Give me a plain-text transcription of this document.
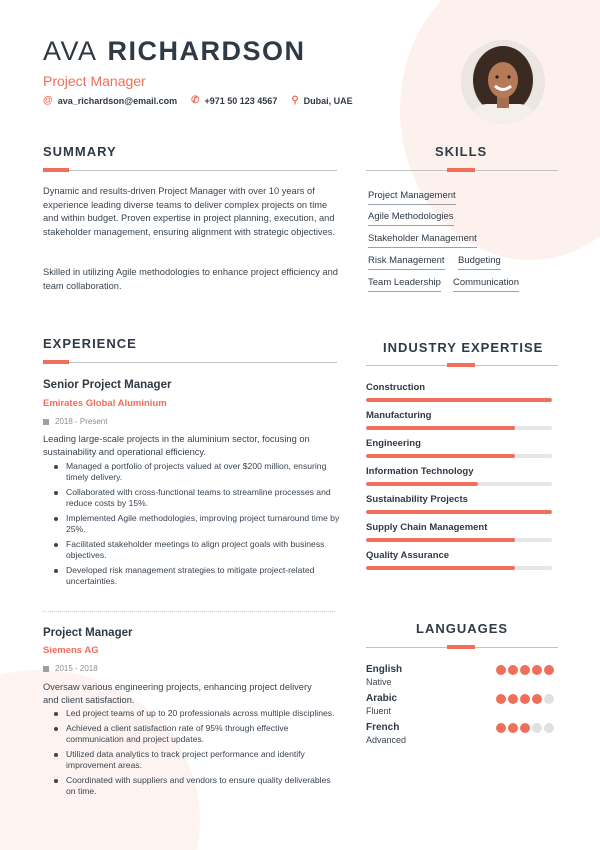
AVA RICHARDSON
Project Manager
@ ava_richardson@email.com ✆ +971 50 123 4567 ⚲ Dubai, UAE
SUMMARY
Dynamic and results-driven Project Manager with over 10 years of experience leading diverse teams to deliver complex projects on time and within budget. Proven expertise in project planning, execution, and stakeholder management, ensuring alignment with strategic objectives.
Skilled in utilizing Agile methodologies to enhance project efficiency and team collaboration.
SKILLS
Project Management
Agile Methodologies
Stakeholder Management
Risk Management Budgeting
Team Leadership Communication
EXPERIENCE
Senior Project Manager
Emirates Global Aluminium
2018 - Present
Leading large-scale projects in the aluminium sector, focusing on sustainability and operational efficiency.
Managed a portfolio of projects valued at over $200 million, ensuring timely delivery.
Collaborated with cross-functional teams to streamline processes and reduce costs by 15%.
Implemented Agile methodologies, improving project turnaround time by 25%.
Facilitated stakeholder meetings to align project goals with business objectives.
Developed risk management strategies to mitigate project-related uncertainties.
Project Manager
Siemens AG
2015 - 2018
Oversaw various engineering projects, enhancing project delivery and client satisfaction.
Led project teams of up to 20 professionals across multiple disciplines.
Achieved a client satisfaction rate of 95% through effective communication and project updates.
Utilized data analytics to track project performance and identify improvement areas.
Coordinated with suppliers and vendors to ensure quality deliverables on time.
INDUSTRY EXPERTISE
Construction
Manufacturing
Engineering
Information Technology
Sustainability Projects
Supply Chain Management
Quality Assurance
LANGUAGES
English
Native
Arabic
Fluent
French
Advanced
